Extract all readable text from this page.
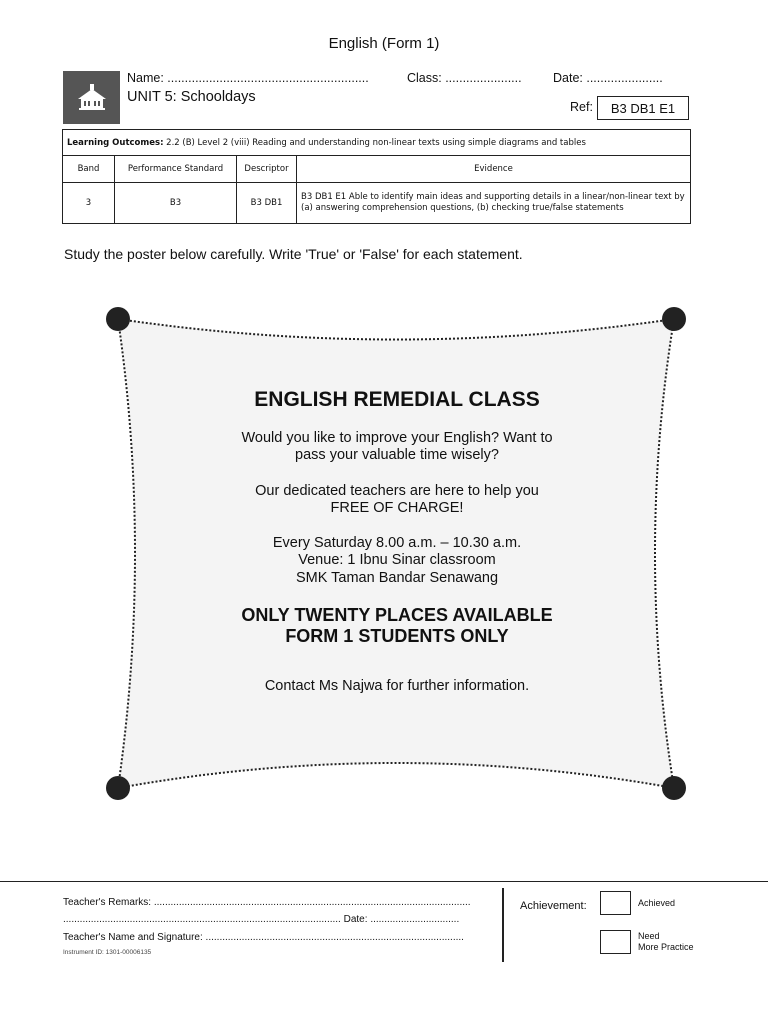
English (Form 1)
Name: ..........................................................	Class: ......................	Date: ......................
UNIT 5: Schooldays
Ref:	B3 DB1 E1
Learning Outcomes: 2.2 (B) Level 2 (viii) Reading and understanding non-linear texts using simple diagrams and tables			
Band	Performance Standard	Descriptor	Evidence
3	B3	B3 DB1	B3 DB1 E1 Able to identify main ideas and supporting details in a linear/non-linear text by (a) answering comprehension questions, (b) checking true/false statements
Study the poster below carefully. Write 'True' or 'False' for each statement.
ENGLISH REMEDIAL CLASS
Would you like to improve your English? Want to
pass your valuable time wisely?
Our dedicated teachers are here to help you
FREE OF CHARGE!
Every Saturday 8.00 a.m. – 10.30 a.m.
Venue: 1 Ibnu Sinar classroom
SMK Taman Bandar Senawang
ONLY TWENTY PLACES AVAILABLE
FORM 1 STUDENTS ONLY
Contact Ms Najwa for further information.
Teacher's Remarks: ..................................................................................................................
.................................................................................................... Date: ................................
Teacher's Name and Signature: .............................................................................................
Instrument ID: 1301-00006135
Achievement:	Achieved
Need
More Practice
